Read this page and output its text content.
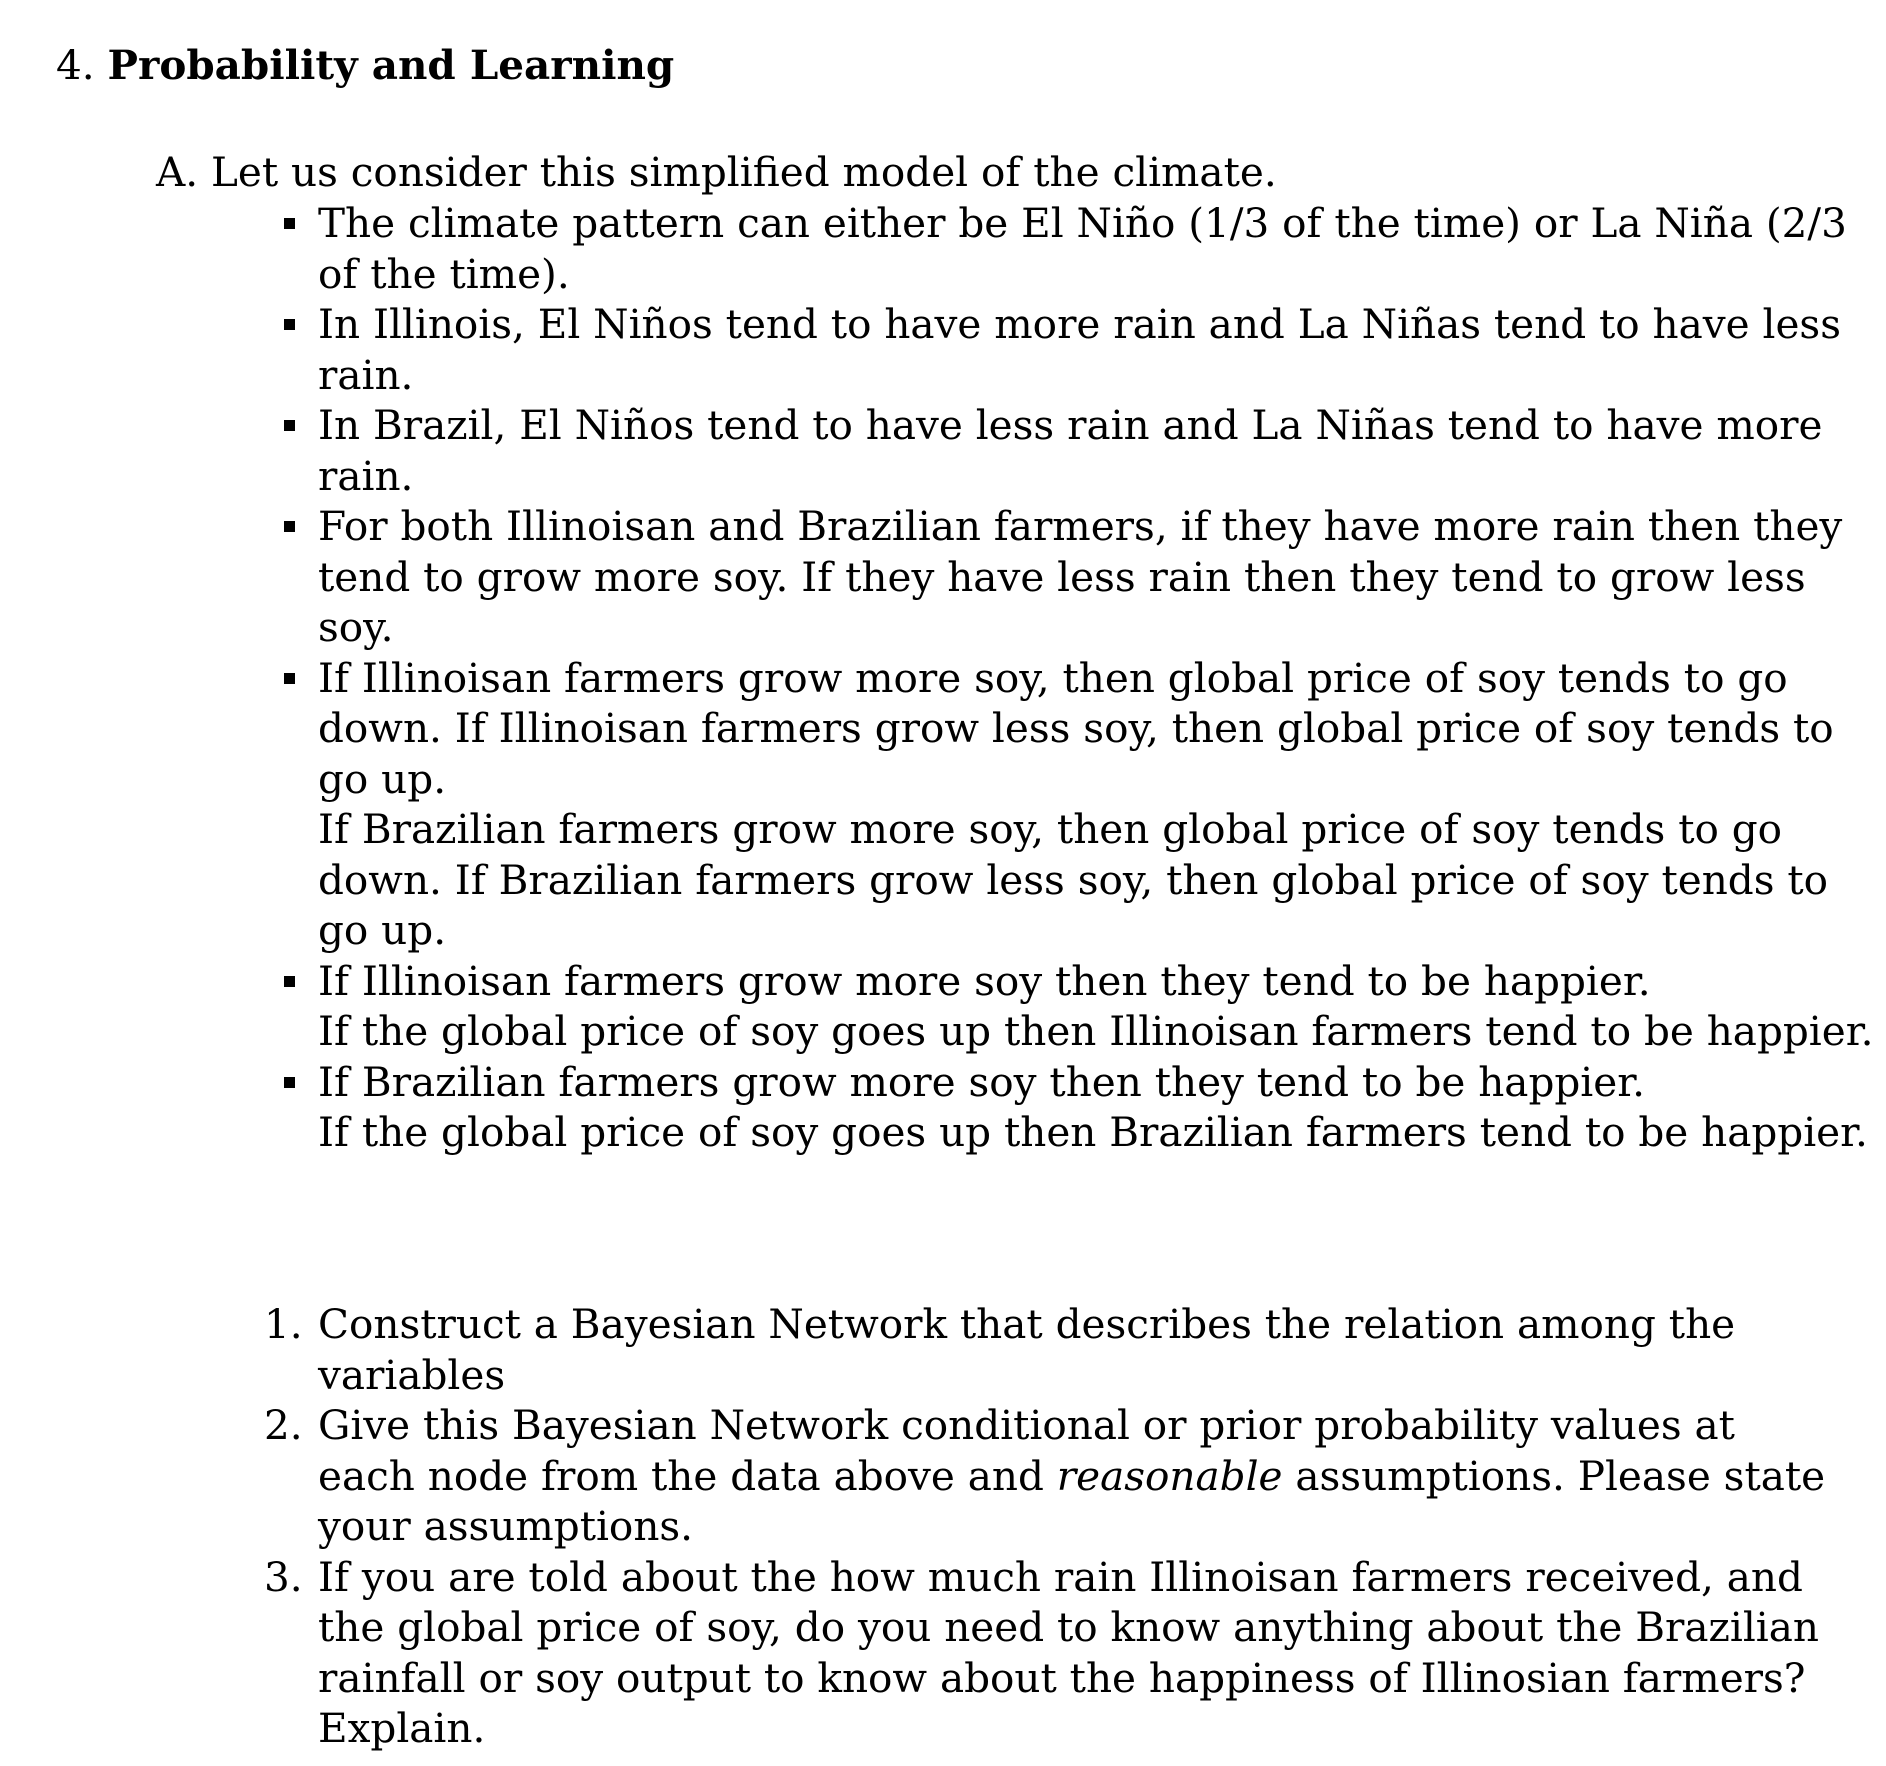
4. Probability and Learning
A. Let us consider this simplified model of the climate.
The climate pattern can either be El Niño (1/3 of the time) or La Niña (2/3 of the time).
In Illinois, El Niños tend to have more rain and La Niñas tend to have less rain.
In Brazil, El Niños tend to have less rain and La Niñas tend to have more rain.
For both Illinoisan and Brazilian farmers, if they have more rain then they tend to grow more soy. If they have less rain then they tend to grow less soy.
If Illinoisan farmers grow more soy, then global price of soy tends to go down. If Illinoisan farmers grow less soy, then global price of soy tends to go up.
If Brazilian farmers grow more soy, then global price of soy tends to go down. If Brazilian farmers grow less soy, then global price of soy tends to go up.
If Illinoisan farmers grow more soy then they tend to be happier.
If the global price of soy goes up then Illinoisan farmers tend to be happier.
If Brazilian farmers grow more soy then they tend to be happier.
If the global price of soy goes up then Brazilian farmers tend to be happier.
1. Construct a Bayesian Network that describes the relation among the variables
2. Give this Bayesian Network conditional or prior probability values at each node from the data above and reasonable assumptions. Please state your assumptions.
3. If you are told about the how much rain Illinoisan farmers received, and the global price of soy, do you need to know anything about the Brazilian rainfall or soy output to know about the happiness of Illinosian farmers? Explain.
